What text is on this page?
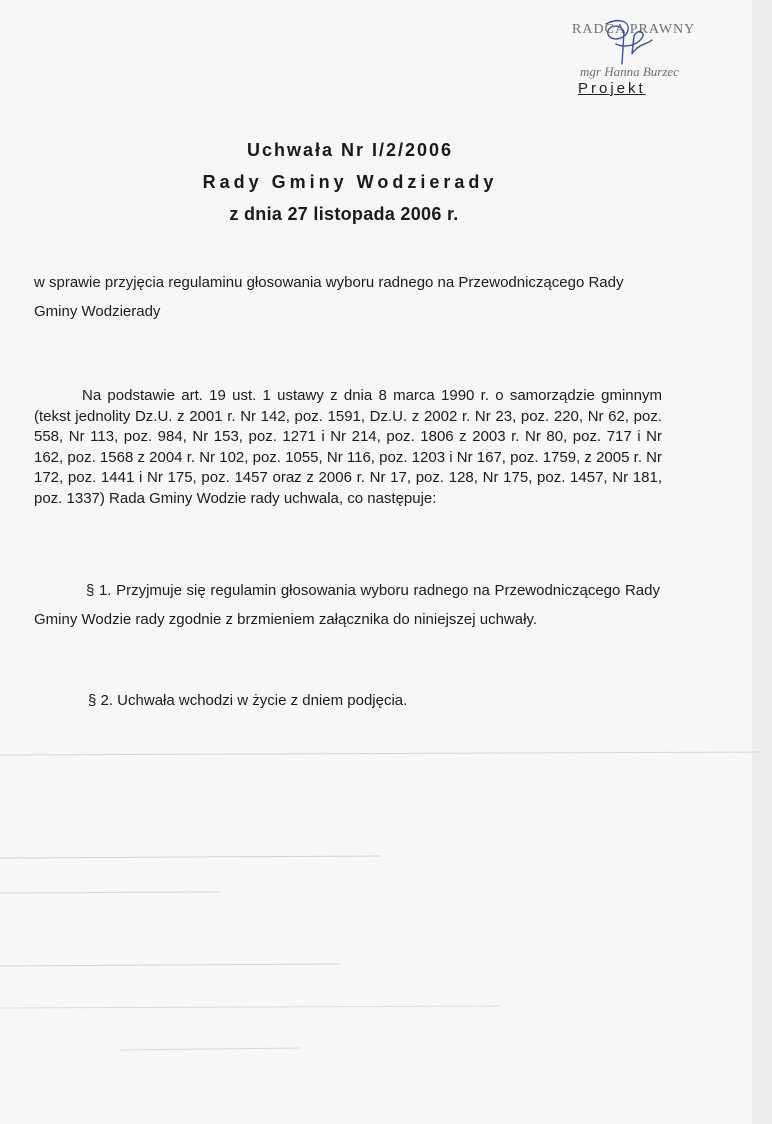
RADCA PRAWNY
mgr Hanna Burzec
Projekt
Uchwała Nr I/2/2006
Rady Gminy Wodzierady
z dnia 27 listopada 2006 r.
w sprawie przyjęcia regulaminu głosowania wyboru radnego na Przewodniczącego Rady Gminy Wodzierady
Na podstawie art. 19 ust. 1 ustawy z dnia 8 marca 1990 r. o samorządzie gminnym (tekst jednolity Dz.U. z 2001 r. Nr 142, poz. 1591, Dz.U. z 2002 r. Nr 23, poz. 220, Nr 62, poz. 558, Nr 113, poz. 984, Nr 153, poz. 1271 i Nr 214, poz. 1806 z 2003 r. Nr 80, poz. 717 i Nr 162, poz. 1568 z 2004 r. Nr 102, poz. 1055, Nr 116, poz. 1203 i Nr 167, poz. 1759, z 2005 r. Nr 172, poz. 1441 i Nr 175, poz. 1457 oraz z 2006 r. Nr 17, poz. 128, Nr 175, poz. 1457, Nr 181, poz. 1337) Rada Gminy Wodzie rady uchwala, co następuje:
§ 1. Przyjmuje się regulamin głosowania wyboru radnego na Przewodniczącego Rady Gminy Wodzie rady zgodnie z brzmieniem załącznika do niniejszej uchwały.
§ 2. Uchwała wchodzi w życie z dniem podjęcia.
